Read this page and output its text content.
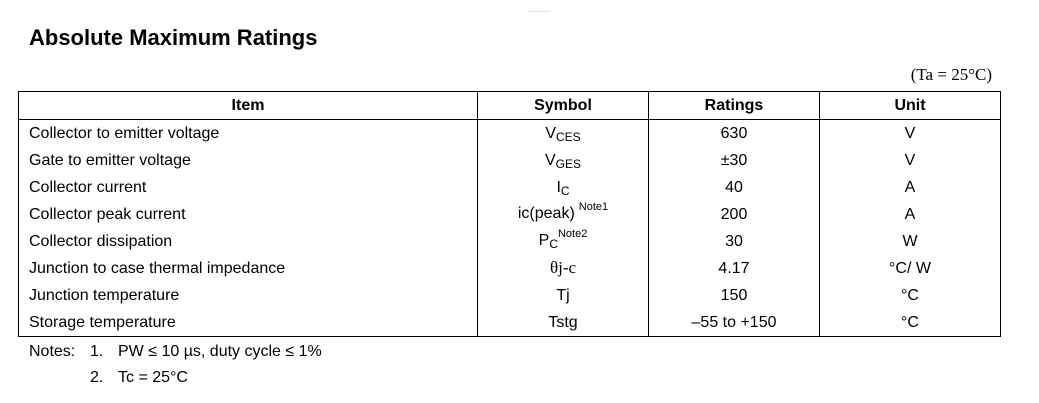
Absolute Maximum Ratings
(Ta = 25°C)
Item	Symbol	Ratings	Unit
Collector to emitter voltage	VCES	630	V
Gate to emitter voltage	VGES	±30	V
Collector current	IC	40	A
Collector peak current	ic(peak) $^{Note1}$	200	A
Collector dissipation	$PC^{Note2}$	30	W
Junction to case thermal impedance	θj-c	4.17	°C/ W
Junction temperature	Tj	150	°C
Storage temperature	Tstg	–55 to +150	°C
Notes: 1. PW ≤ 10 µs, duty cycle ≤ 1%
2. Tc = 25°C
